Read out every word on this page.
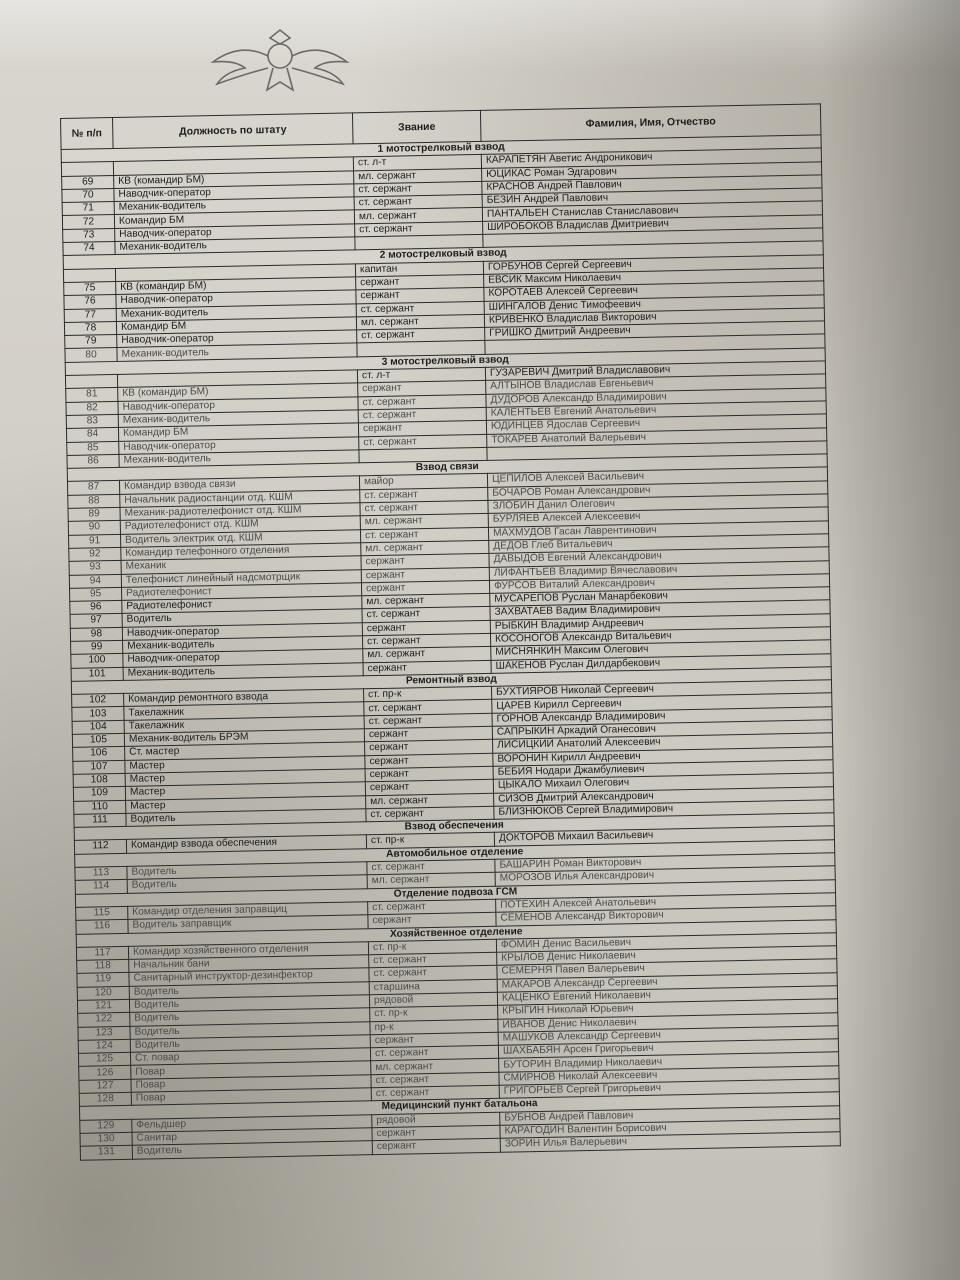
№ п/п	Должность по штату	Звание	Фамилия, Имя, Отчество
1 мотострелковый взвод			
		ст. л-т	КАРАПЕТЯН Аветис Андроникович
69	КВ (командир БМ)	мл. сержант	ЮЦИКАС Роман Эдгарович
70	Наводчик-оператор	ст. сержант	КРАСНОВ Андрей Павлович
71	Механик-водитель	ст. сержант	БЕЗИН Андрей Павлович
72	Командир БМ	мл. сержант	ПАНТАЛЬЕН Станислав Станиславович
73	Наводчик-оператор	ст. сержант	ШИРОБОКОВ Владислав Дмитриевич
74	Механик-водитель		
2 мотострелковый взвод			
		капитан	ГОРБУНОВ Сергей Сергеевич
75	КВ (командир БМ)	сержант	ЕВСИК Максим Николаевич
76	Наводчик-оператор	сержант	КОРОТАЕВ Алексей Сергеевич
77	Механик-водитель	ст. сержант	ШИНГАЛОВ Денис Тимофеевич
78	Командир БМ	мл. сержант	КРИВЕНКО Владислав Викторович
79	Наводчик-оператор	ст. сержант	ГРИШКО Дмитрий Андреевич
80	Механик-водитель		
3 мотострелковый взвод			
		ст. л-т	ГУЗАРЕВИЧ Дмитрий Владиславович
81	КВ (командир БМ)	сержант	АЛТЫНОВ Владислав Евгеньевич
82	Наводчик-оператор	ст. сержант	ДУДОРОВ Александр Владимирович
83	Механик-водитель	ст. сержант	КАЛЕНТЬЕВ Евгений Анатольевич
84	Командир БМ	сержант	ЮДИНЦЕВ Ядослав Сергеевич
85	Наводчик-оператор	ст. сержант	ТОКАРЕВ Анатолий Валерьевич
86	Механик-водитель		
Взвод связи			
87	Командир взвода связи	майор	ЦЕПИЛОВ Алексей Васильевич
88	Начальник радиостанции отд. КШМ	ст. сержант	БОЧАРОВ Роман Александрович
89	Механик-радиотелефонист отд. КШМ	ст. сержант	ЗЛОБИН Данил Олегович
90	Радиотелефонист отд. КШМ	мл. сержант	БУРЛЯЕВ Алексей Алексеевич
91	Водитель электрик отд. КШМ	ст. сержант	МАХМУДОВ Гасан Лаврентинович
92	Командир телефонного отделения	мл. сержант	ДЕДОВ Глеб Витальевич
93	Механик	сержант	ДАВЫДОВ Евгений Александрович
94	Телефонист линейный надсмотрщик	сержант	ЛИФАНТЬЕВ Владимир Вячеславович
95	Радиотелефонист	сержант	ФУРСОВ Виталий Александрович
96	Радиотелефонист	мл. сержант	МУСАРЕПОВ Руслан Манарбекович
97	Водитель	ст. сержант	ЗАХВАТАЕВ Вадим Владимирович
98	Наводчик-оператор	сержант	РЫБКИН Владимир Андреевич
99	Механик-водитель	ст. сержант	КОСОНОГОВ Александр Витальевич
100	Наводчик-оператор	мл. сержант	МИСНЯНКИН Максим Олегович
101	Механик-водитель	сержант	ШАКЕНОВ Руслан Дилдарбекович
Ремонтный взвод			
102	Командир ремонтного взвода	ст. пр-к	БУХТИЯРОВ Николай Сергеевич
103	Такелажник	ст. сержант	ЦАРЕВ Кирилл Сергеевич
104	Такелажник	ст. сержант	ГОРНОВ Александр Владимирович
105	Механик-водитель БРЭМ	сержант	САПРЫКИН Аркадий Оганесович
106	Ст. мастер	сержант	ЛИСИЦКИЙ Анатолий Алексеевич
107	Мастер	сержант	ВОРОНИН Кирилл Андреевич
108	Мастер	сержант	БЕБИЯ Нодари Джамбулиевич
109	Мастер	сержант	ЦЫКАЛО Михаил Олегович
110	Мастер	мл. сержант	СИЗОВ Дмитрий Александрович
111	Водитель	ст. сержант	БЛИЗНЮКОВ Сергей Владимирович
Взвод обеспечения			
112	Командир взвода обеспечения	ст. пр-к	ДОКТОРОВ Михаил Васильевич
Автомобильное отделение			
113	Водитель	ст. сержант	БАШАРИН Роман Викторович
114	Водитель	мл. сержант	МОРОЗОВ Илья Александрович
Отделение подвоза ГСМ			
115	Командир отделения заправщиц	ст. сержант	ПОТЕХИН Алексей Анатольевич
116	Водитель заправщик	сержант	СЕМЕНОВ Александр Викторович
Хозяйственное отделение			
117	Командир хозяйственного отделения	ст. пр-к	ФОМИН Денис Васильевич
118	Начальник бани	ст. сержант	КРЫЛОВ Денис Николаевич
119	Санитарный инструктор-дезинфектор	ст. сержант	СЕМЕРНЯ Павел Валерьевич
120	Водитель	старшина	МАКАРОВ Александр Сергеевич
121	Водитель	рядовой	КАЦЕНКО Евгений Николаевич
122	Водитель	ст. пр-к	КРЫГИН Николай Юрьевич
123	Водитель	пр-к	ИВАНОВ Денис Николаевич
124	Водитель	сержант	МАШУКОВ Александр Сергеевич
125	Ст. повар	ст. сержант	ШАХБАБЯН Арсен Григорьевич
126	Повар	мл. сержант	БУТОРИН Владимир Николаевич
127	Повар	ст. сержант	СМИРНОВ Николай Алексеевич
128	Повар	ст. сержант	ГРИГОРЬЕВ Сергей Григорьевич
Медицинский пункт батальона			
129	Фельдшер	рядовой	БУБНОВ Андрей Павлович
130	Санитар	сержант	КАРАГОДИН Валентин Борисович
131	Водитель	сержант	ЗОРИН Илья Валерьевич
